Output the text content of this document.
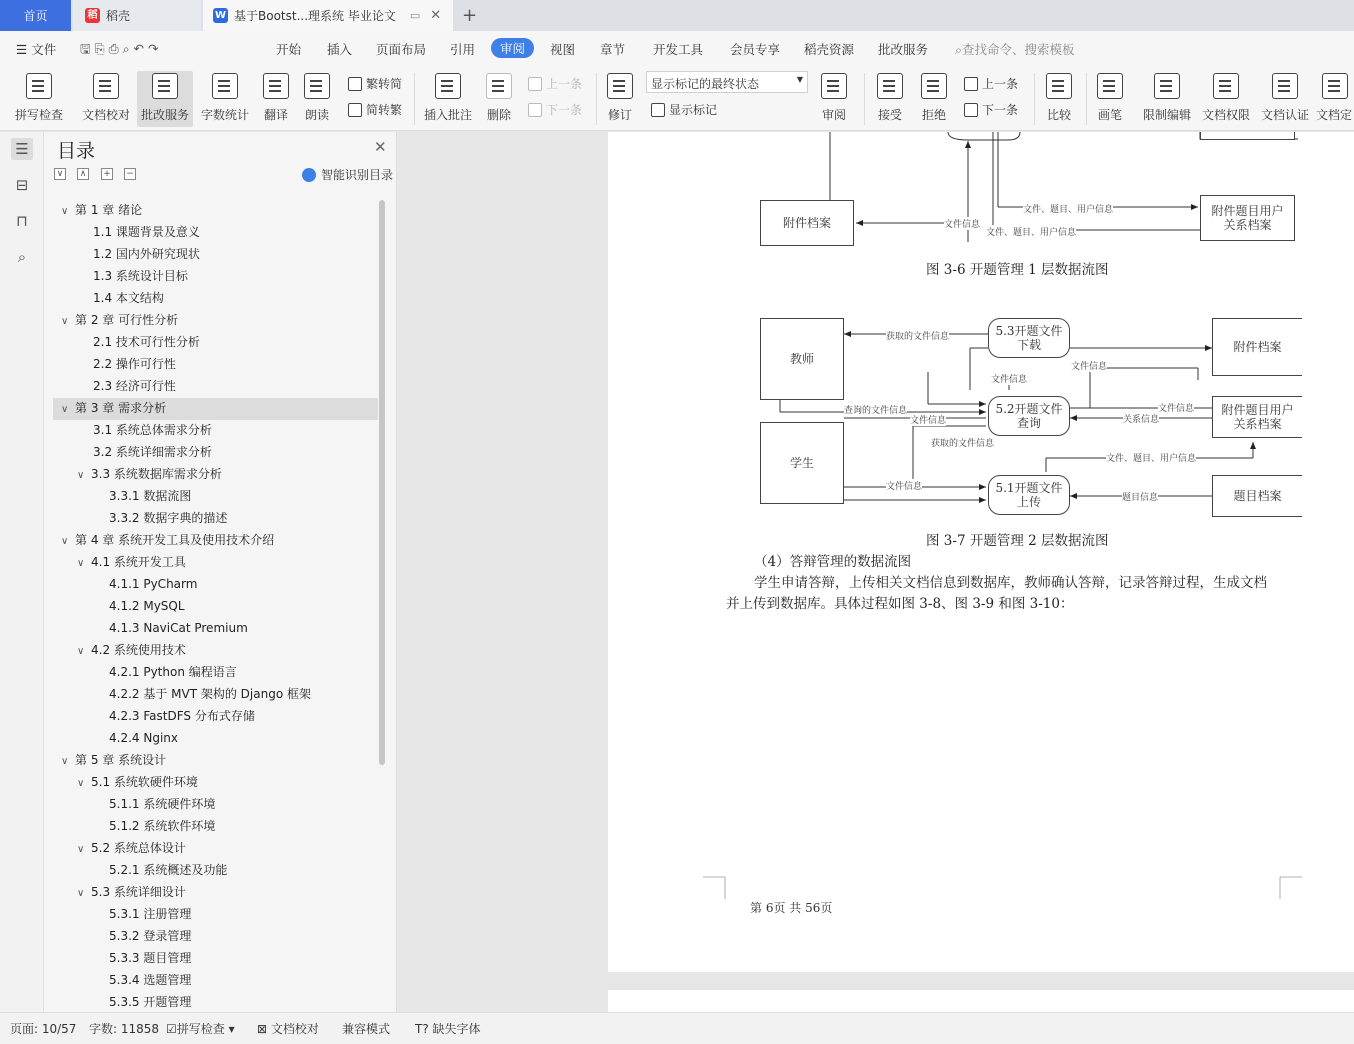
首页	稻 稻壳	W 基于Bootst...理系统 毕业论文 ▭ ✕ +
☰ 文件 🖫 ⎘ ⎙ ⌕ ↶ ↷	开始 插入 页面布局 引用	审阅	视图 章节 开发工具 会员专享 稻壳资源 批改服务 ⌕查找命令、搜索模板
拼写检查 文档校对 批改服务 字数统计 翻译 朗读
繁转简
简转繁 插入批注 删除
上一条
下一条 修订
显示标记的最终状态	▼
显示标记	审阅	接受 拒绝
上一条
下一条 比较 画笔 限制编辑 文档权限 文档认证 文档定
☰
⊟
⊓
⌕
目录	✕
∨	∧	+ −	智能识别目录
∨ 第 1 章 绪论
1.1 课题背景及意义
1.2 国内外研究现状
1.3 系统设计目标
1.4 本文结构
∨ 第 2 章 可行性分析
2.1 技术可行性分析
2.2 操作可行性
2.3 经济可行性
∨ 第 3 章 需求分析
3.1 系统总体需求分析
3.2 系统详细需求分析
∨ 3.3 系统数据库需求分析
3.3.1 数据流图
3.3.2 数据字典的描述
∨ 第 4 章 系统开发工具及使用技术介绍
∨ 4.1 系统开发工具
4.1.1 PyCharm
4.1.2 MySQL
4.1.3 NaviCat Premium
∨ 4.2 系统使用技术
4.2.1 Python 编程语言
4.2.2 基于 MVT 架构的 Django 框架
4.2.3 FastDFS 分布式存储
4.2.4 Nginx
∨ 第 5 章 系统设计
∨ 5.1 系统软硬件环境
5.1.1 系统硬件环境
5.1.2 系统软件环境
∨ 5.2 系统总体设计
5.2.1 系统概述及功能
∨ 5.3 系统详细设计
5.3.1 注册管理
5.3.2 登录管理
5.3.3 题目管理
5.3.4 选题管理
5.3.5 开题管理
附件档案
附件题目用户
关系档案
文件信息
文件、题目、用户信息
文件、题目、用户信息
图 3-6 开题管理 1 层数据流图
教师
学生
5.3开题文件
下载
5.2开题文件
查询
5.1开题文件
上传
附件档案
附件题目用户
关系档案
题目档案
获取的文件信息
文件信息
文件信息
查询的文件信息
文件信息
获取的文件信息
文件信息
关系信息
文件信息
文件、题目、用户信息
题目信息
图 3-7 开题管理 2 层数据流图
（4）答辩管理的数据流图
学生申请答辩，上传相关文档信息到数据库，教师确认答辩，记录答辩过程，生成文档
并上传到数据库。具体过程如图 3-8、图 3-9 和图 3-10：
第 6页 共 56页
页面: 10/57 字数: 11858 ☑拼写检查 ▾ ⊠ 文档校对 兼容模式 T? 缺失字体
